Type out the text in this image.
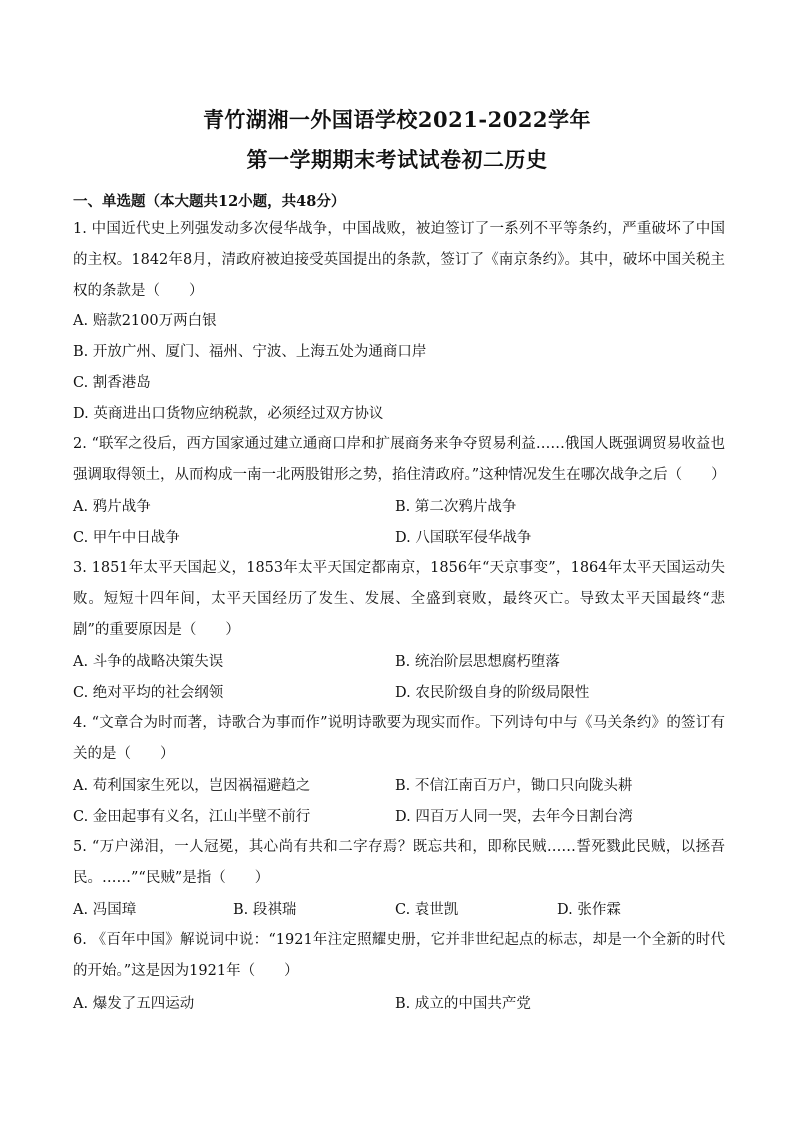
青竹湖湘一外国语学校2021-2022学年
第一学期期末考试试卷初二历史
一、单选题（本大题共12小题，共48分）
1. 中国近代史上列强发动多次侵华战争，中国战败，被迫签订了一系列不平等条约，严重破坏了中国的主权。1842年8月，清政府被迫接受英国提出的条款，签订了《南京条约》。其中，破坏中国关税主权的条款是（　　）
A. 赔款2100万两白银
B. 开放广州、厦门、福州、宁波、上海五处为通商口岸
C. 割香港岛
D. 英商进出口货物应纳税款，必须经过双方协议
2. “联军之役后，西方国家通过建立通商口岸和扩展商务来争夺贸易利益……俄国人既强调贸易收益也强调取得领土，从而构成一南一北两股钳形之势，掐住清政府。”这种情况发生在哪次战争之后（　　）
A. 鸦片战争	B. 第二次鸦片战争
C. 甲午中日战争	D. 八国联军侵华战争
3. 1851年太平天国起义，1853年太平天国定都南京，1856年“天京事变”，1864年太平天国运动失败。短短十四年间，太平天国经历了发生、发展、全盛到衰败，最终灭亡。导致太平天国最终“悲剧”的重要原因是（　　）
A. 斗争的战略决策失误	B. 统治阶层思想腐朽堕落
C. 绝对平均的社会纲领	D. 农民阶级自身的阶级局限性
4. “文章合为时而著，诗歌合为事而作”说明诗歌要为现实而作。下列诗句中与《马关条约》的签订有关的是（　　）
A. 苟利国家生死以，岂因祸福避趋之	B. 不信江南百万户，锄口只向陇头耕
C. 金田起事有义名，江山半壁不前行	D. 四百万人同一哭，去年今日割台湾
5. “万户涕泪，一人冠冕，其心尚有共和二字存焉？既忘共和，即称民贼……誓死戮此民贼，以拯吾民。……”“民贼”是指（　　）
A. 冯国璋	B. 段祺瑞	C. 袁世凯	D. 张作霖
6. 《百年中国》解说词中说：“1921年注定照耀史册，它并非世纪起点的标志，却是一个全新的时代的开始。”这是因为1921年（　　）
A. 爆发了五四运动	B. 成立的中国共产党
